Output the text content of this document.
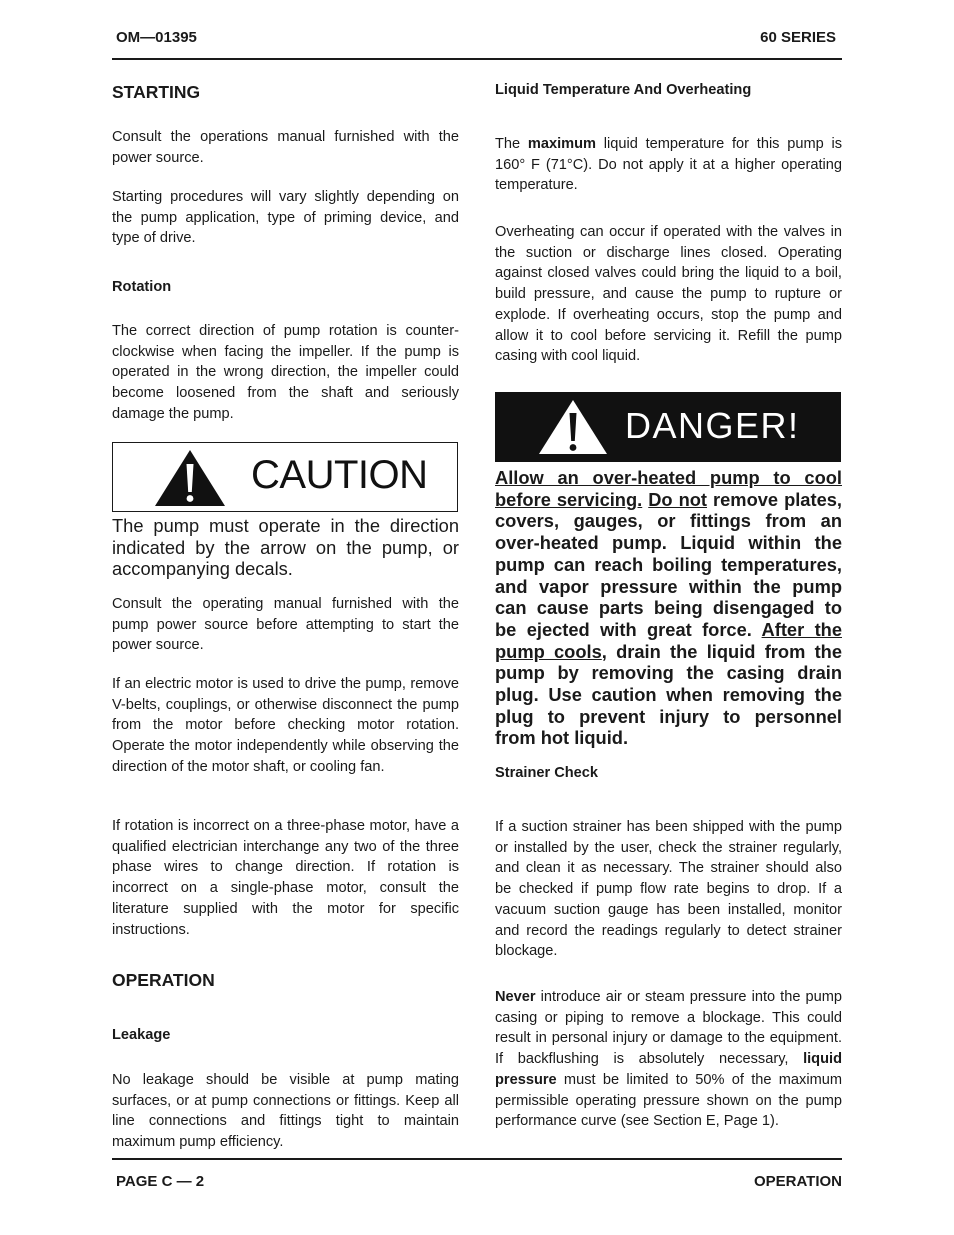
OM—01395	60 SERIES
STARTING

Consult the operations manual furnished with the power source.

Starting procedures will vary slightly depending on the pump application, type of priming device, and type of drive.

Rotation

The correct direction of pump rotation is counter-clockwise when facing the impeller. If the pump is operated in the wrong direction, the impeller could become loosened from the shaft and seriously damage the pump.

CAUTION

The pump must operate in the direction indicated by the arrow on the pump, or accompanying decals.

Consult the operating manual furnished with the pump power source before attempting to start the power source.

If an electric motor is used to drive the pump, remove V-belts, couplings, or otherwise disconnect the pump from the motor before checking motor rotation. Operate the motor independently while observing the direction of the motor shaft, or cooling fan.

If rotation is incorrect on a three-phase motor, have a qualified electrician interchange any two of the three phase wires to change direction. If rotation is incorrect on a single-phase motor, consult the literature supplied with the motor for specific instructions.

OPERATION
Leakage

No leakage should be visible at pump mating surfaces, or at pump connections or fittings. Keep all line connections and fittings tight to maintain maximum pump efficiency.

Liquid Temperature And Overheating

The maximum liquid temperature for this pump is 160° F (71°C). Do not apply it at a higher operating temperature.

Overheating can occur if operated with the valves in the suction or discharge lines closed. Operating against closed valves could bring the liquid to a boil, build pressure, and cause the pump to rupture or explode. If overheating occurs, stop the pump and allow it to cool before servicing it. Refill the pump casing with cool liquid.

DANGER!

Allow an over-heated pump to cool before servicing. Do not remove plates, covers, gauges, or fittings from an over-heated pump. Liquid within the pump can reach boiling temperatures, and vapor pressure within the pump can cause parts being disengaged to be ejected with great force. After the pump cools, drain the liquid from the pump by removing the casing drain plug. Use caution when removing the plug to prevent injury to personnel from hot liquid.

Strainer Check

If a suction strainer has been shipped with the pump or installed by the user, check the strainer regularly, and clean it as necessary. The strainer should also be checked if pump flow rate begins to drop. If a vacuum suction gauge has been installed, monitor and record the readings regularly to detect strainer blockage.

Never introduce air or steam pressure into the pump casing or piping to remove a blockage. This could result in personal injury or damage to the equipment. If backflushing is absolutely necessary, liquid pressure must be limited to 50% of the maximum permissible operating pressure shown on the pump performance curve (see Section E, Page 1).

PAGE C — 2	OPERATION
